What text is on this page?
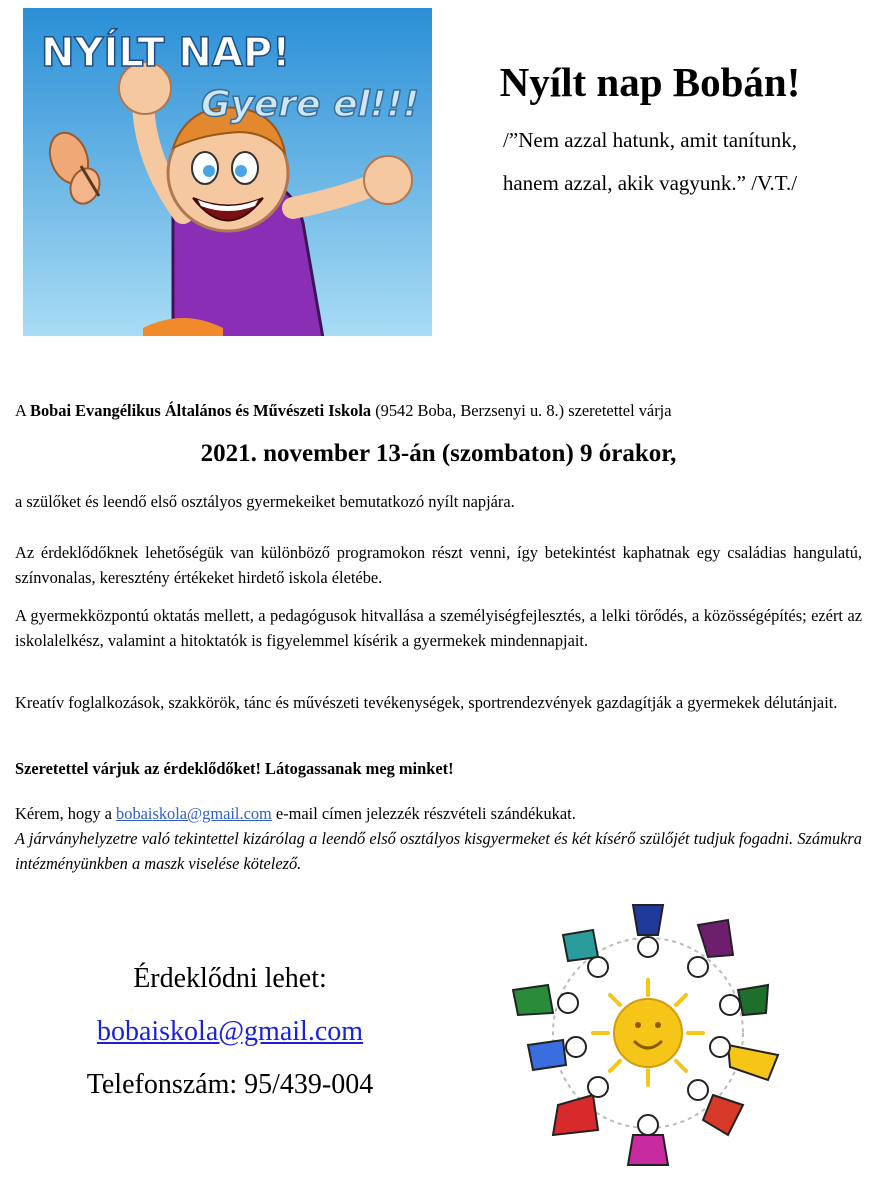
NYÍLT NAP!
Gyere el!!!	Nyílt nap Bobán!
/”Nem azzal hatunk, amit tanítunk,
hanem azzal, akik vagyunk.” /V.T./
A Bobai Evangélikus Általános és Művészeti Iskola (9542 Boba, Berzsenyi u. 8.) szeretettel várja
2021. november 13-án (szombaton) 9 órakor,
a szülőket és leendő első osztályos gyermekeiket bemutatkozó nyílt napjára.
Az érdeklődőknek lehetőségük van különböző programokon részt venni, így betekintést kaphatnak egy családias hangulatú, színvonalas, keresztény értékeket hirdető iskola életébe.
A gyermekközpontú oktatás mellett, a pedagógusok hitvallása a személyiségfejlesztés, a lelki törődés, a közösségépítés; ezért az iskolalelkész, valamint a hitoktatók is figyelemmel kísérik a gyermekek mindennapjait.
Kreatív foglalkozások, szakkörök, tánc és művészeti tevékenységek, sportrendezvények gazdagítják a gyermekek délutánjait.
Szeretettel várjuk az érdeklődőket! Látogassanak meg minket!
Kérem, hogy a bobaiskola@gmail.com e-mail címen jelezzék részvételi szándékukat.
A járványhelyzetre való tekintettel kizárólag a leendő első osztályos kisgyermeket és két kísérő szülőjét tudjuk fogadni. Számukra intézményünkben a maszk viselése kötelező.
Érdeklődni lehet:
bobaiskola@gmail.com
Telefonszám: 95/439-004
